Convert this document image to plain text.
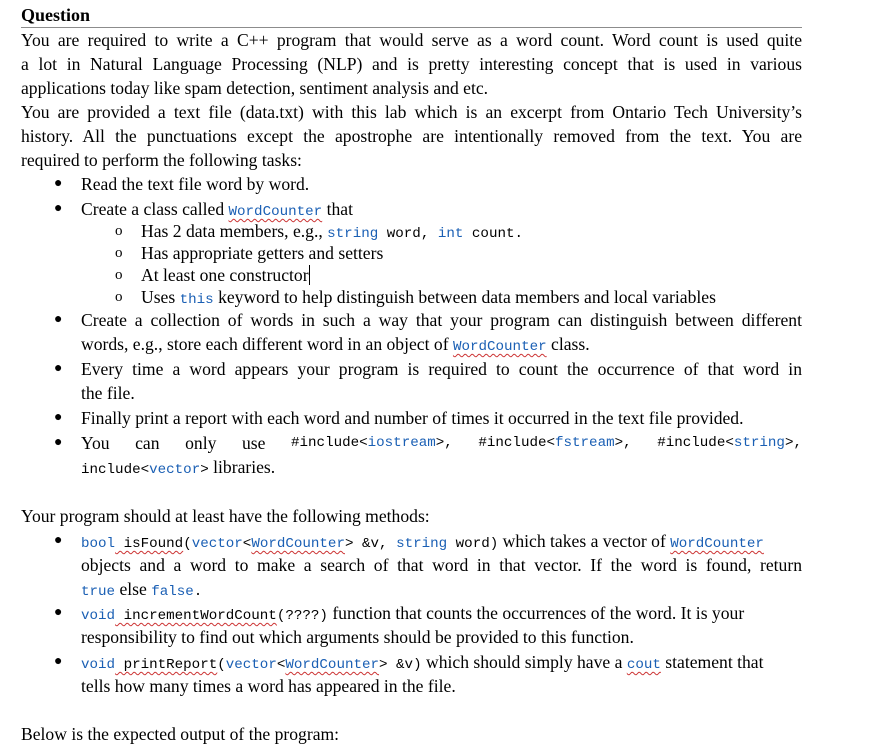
Question
You are required to write a C++ program that would serve as a word count. Word count is used quite
a lot in Natural Language Processing (NLP) and is pretty interesting concept that is used in various
applications today like spam detection, sentiment analysis and etc.
You are provided a text file (data.txt) with this lab which is an excerpt from Ontario Tech University’s
history. All the punctuations except the apostrophe are intentionally removed from the text. You are
required to perform the following tasks:
● Read the text file word by word.
● Create a class called WordCounter that
o Has 2 data members, e.g., string word, int count.
o Has appropriate getters and setters
o At least one constructor
o Uses this keyword to help distinguish between data members and local variables
● Create a collection of words in such a way that your program can distinguish between different
words, e.g., store each different word in an object of WordCounter class.
● Every time a word appears your program is required to count the occurrence of that word in
the file.
● Finally print a report with each word and number of times it occurred in the text file provided.
● You can only use #include<iostream>, #include<fstream>, #include<string>,
include<vector> libraries.
Your program should at least have the following methods:
● bool isFound(vector<WordCounter> &v, string word) which takes a vector of WordCounter
objects and a word to make a search of that word in that vector. If the word is found, return
true else false.
● void incrementWordCount(????) function that counts the occurrences of the word. It is your
responsibility to find out which arguments should be provided to this function.
● void printReport(vector<WordCounter> &v) which should simply have a cout statement that
tells how many times a word has appeared in the file.
Below is the expected output of the program:
